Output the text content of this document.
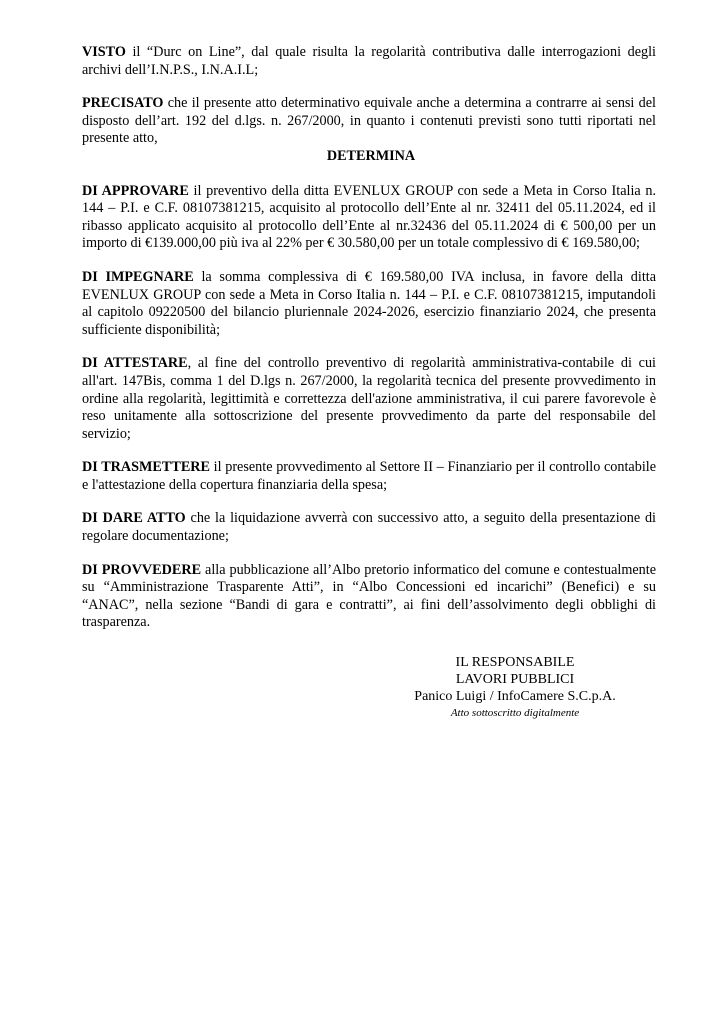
VISTO il “Durc on Line”, dal quale risulta la regolarità contributiva dalle interrogazioni degli archivi dell’I.N.P.S., I.N.A.I.L;

PRECISATO che il presente atto determinativo equivale anche a determina a contrarre ai sensi del disposto dell’art. 192 del d.lgs. n. 267/2000, in quanto i contenuti previsti sono tutti riportati nel presente atto,

DETERMINA

DI APPROVARE il preventivo della ditta EVENLUX GROUP con sede a Meta in Corso Italia n. 144 – P.I. e C.F. 08107381215, acquisito al protocollo dell’Ente al nr. 32411 del 05.11.2024, ed il ribasso applicato acquisito al protocollo dell’Ente al nr.32436 del 05.11.2024 di € 500,00 per un importo di €139.000,00 più iva al 22% per € 30.580,00 per un totale complessivo di € 169.580,00;

DI IMPEGNARE la somma complessiva di € 169.580,00 IVA inclusa, in favore della ditta EVENLUX GROUP con sede a Meta in Corso Italia n. 144 – P.I. e C.F. 08107381215, imputandoli al capitolo 09220500 del bilancio pluriennale 2024-2026, esercizio finanziario 2024, che presenta sufficiente disponibilità;

DI ATTESTARE, al fine del controllo preventivo di regolarità amministrativa-contabile di cui all'art. 147Bis, comma 1 del D.lgs n. 267/2000, la regolarità tecnica del presente provvedimento in ordine alla regolarità, legittimità e correttezza dell'azione amministrativa, il cui parere favorevole è reso unitamente alla sottoscrizione del presente provvedimento da parte del responsabile del servizio;

DI TRASMETTERE il presente provvedimento al Settore II – Finanziario per il controllo contabile e l'attestazione della copertura finanziaria della spesa;

DI DARE ATTO che la liquidazione avverrà con successivo atto, a seguito della presentazione di regolare documentazione;

DI PROVVEDERE alla pubblicazione all’Albo pretorio informatico del comune e contestualmente su “Amministrazione Trasparente Atti”, in “Albo Concessioni ed incarichi” (Benefici) e su “ANAC”, nella sezione “Bandi di gara e contratti”, ai fini dell’assolvimento degli obblighi di trasparenza.

IL RESPONSABILE
LAVORI PUBBLICI
Panico Luigi / InfoCamere S.C.p.A.
Atto sottoscritto digitalmente
